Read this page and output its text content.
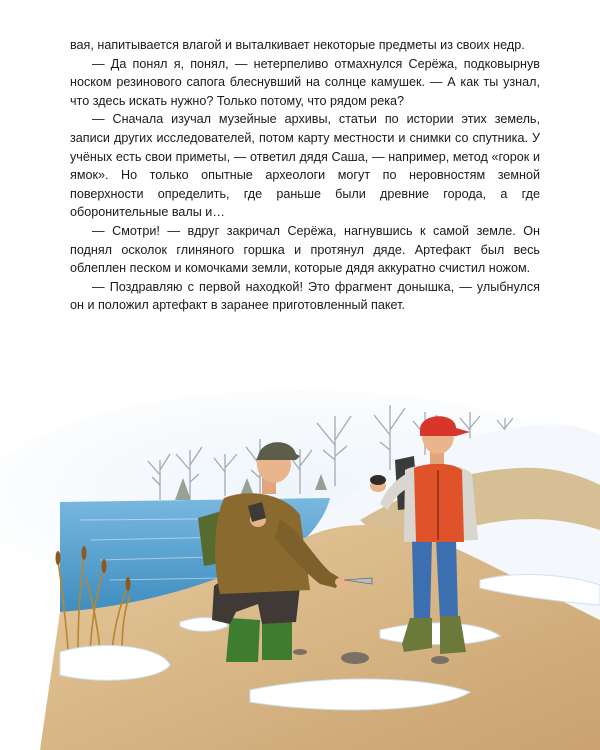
вая, напитывается влагой и выталкивает некоторые предметы из своих недр.

— Да понял я, понял, — нетерпеливо отмахнулся Серёжа, подковырнув носком резинового сапога блеснувший на солнце камушек. — А как ты узнал, что здесь искать нужно? Только потому, что рядом река?

— Сначала изучал музейные архивы, статьи по истории этих земель, записи других исследователей, потом карту местности и снимки со спутника. У учёных есть свои приметы, — ответил дядя Саша, — например, метод «горок и ямок». Но только опытные археологи могут по неровностям земной поверхности определить, где раньше были древние города, а где оборонительные валы и…

— Смотри! — вдруг закричал Серёжа, нагнувшись к самой земле. Он поднял осколок глиняного горшка и протянул дяде. Артефакт был весь облеплен песком и комочками земли, которые дядя аккуратно счистил ножом.

— Поздравляю с первой находкой! Это фрагмент донышка, — улыбнулся он и положил артефакт в заранее приготовленный пакет.
